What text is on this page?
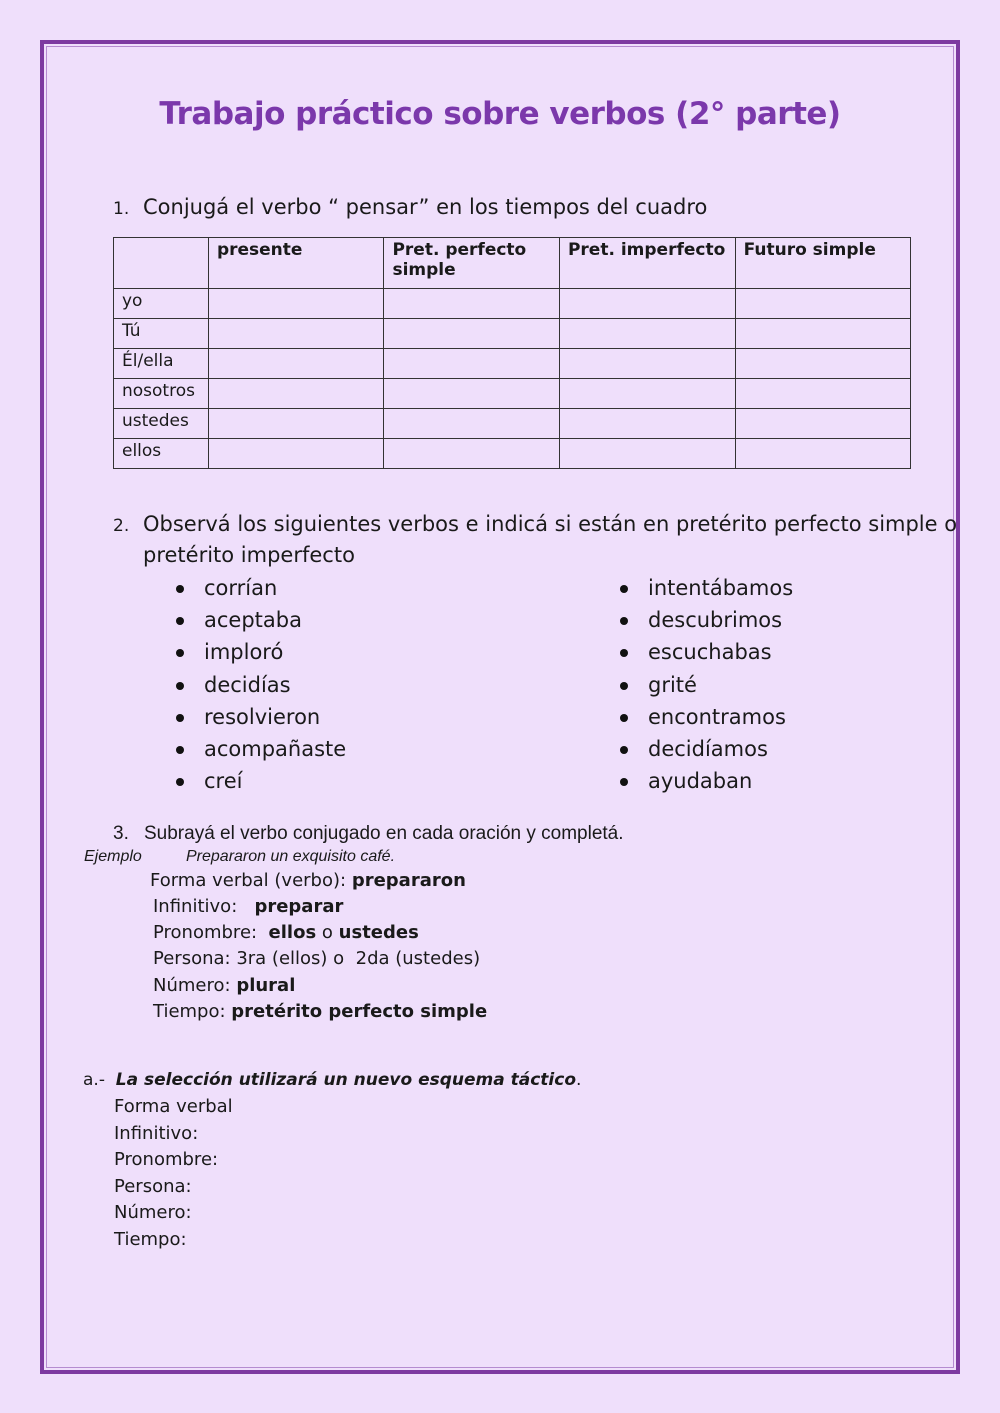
Trabajo práctico sobre verbos (2° parte)
1. Conjugá el verbo “ pensar” en los tiempos del cuadro
	presente	Pret. perfecto simple	Pret. imperfecto	Futuro simple
yo				
Tú				
Él/ella				
nosotros				
ustedes				
ellos				
2. Observá los siguientes verbos e indicá si están en pretérito perfecto simple o
pretérito imperfecto
corrían
aceptaba
imploró
decidías
resolvieron
acompañaste
creí
intentábamos
descubrimos
escuchabas
grité
encontramos
decidíamos
ayudaban
3. Subrayá el verbo conjugado en cada oración y completá.
Ejemplo	Prepararon un exquisito café.
Forma verbal (verbo): prepararon
Infinitivo: preparar
Pronombre: ellos o ustedes
Persona: 3ra (ellos) o  2da (ustedes)
Número: plural
Tiempo: pretérito perfecto simple
a.- La selección utilizará un nuevo esquema táctico.
Forma verbal
Infinitivo:
Pronombre:
Persona:
Número:
Tiempo:
